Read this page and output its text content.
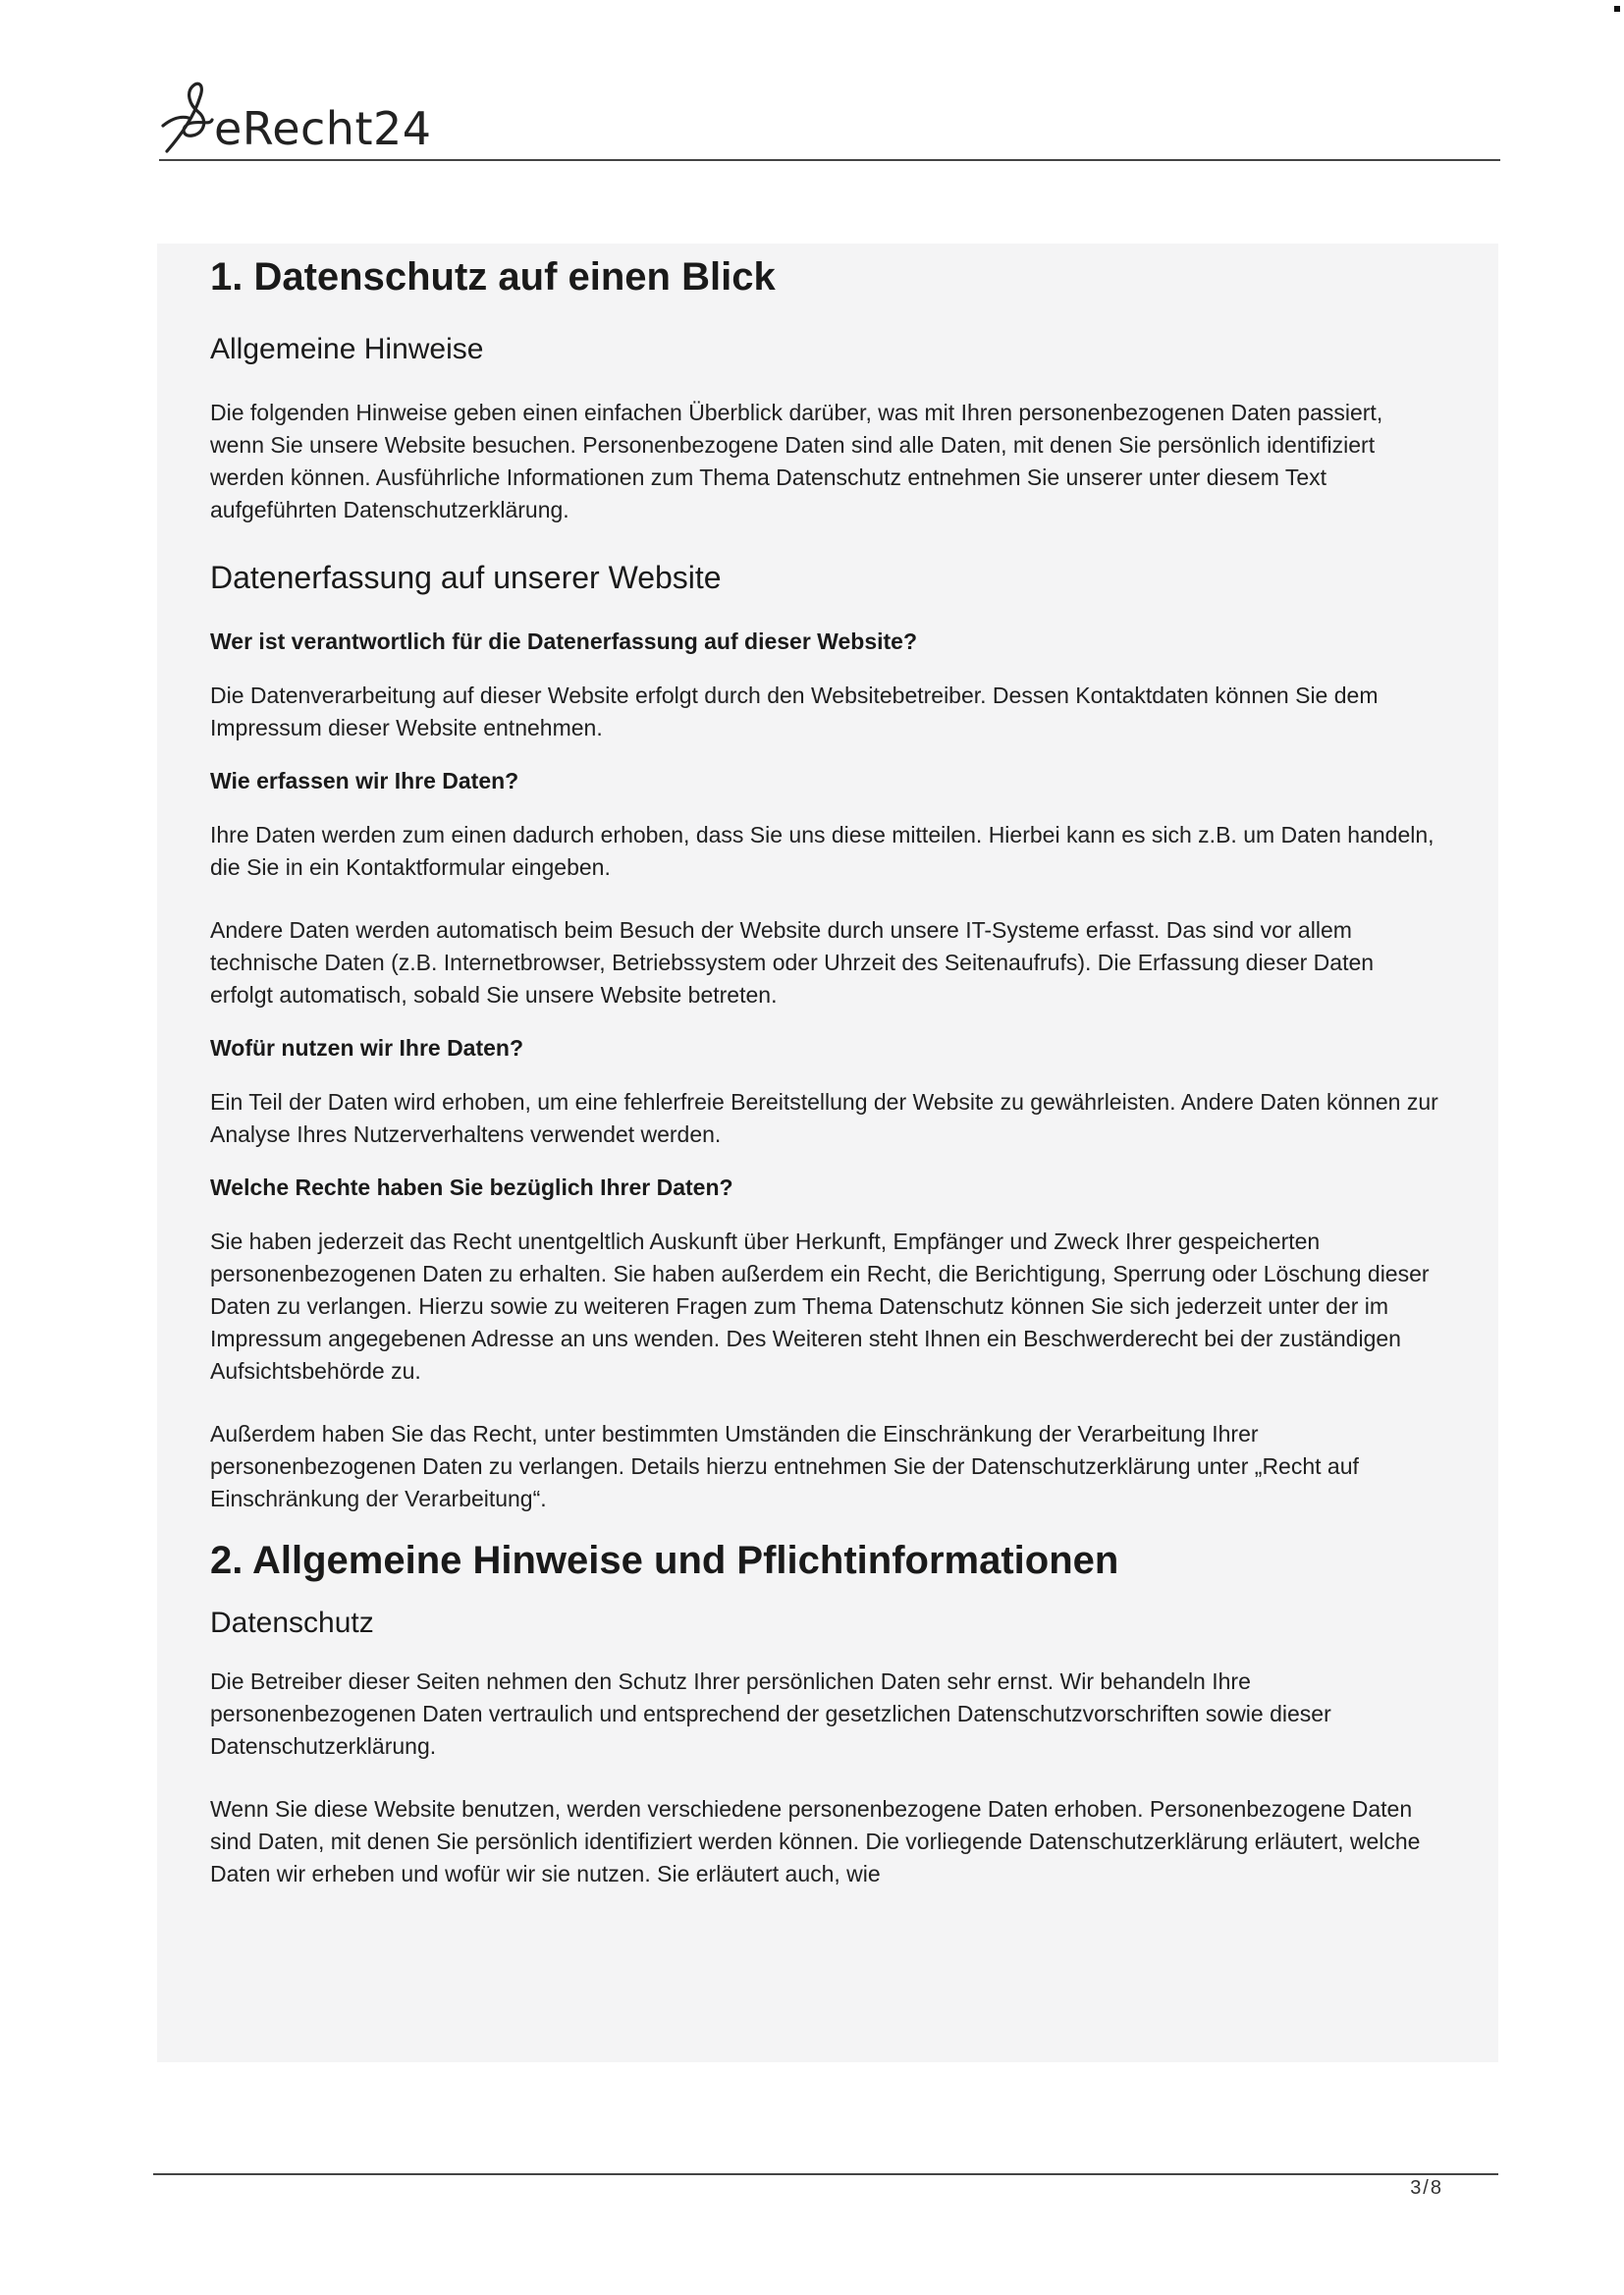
eRecht24
1. Datenschutz auf einen Blick
Allgemeine Hinweise

Die folgenden Hinweise geben einen einfachen Überblick darüber, was mit Ihren personenbezogenen Daten passiert, wenn Sie unsere Website besuchen. Personenbezogene Daten sind alle Daten, mit denen Sie persönlich identifiziert werden können. Ausführliche Informationen zum Thema Datenschutz entnehmen Sie unserer unter diesem Text aufgeführten Datenschutzerklärung.

Datenerfassung auf unserer Website
Wer ist verantwortlich für die Datenerfassung auf dieser Website?

Die Datenverarbeitung auf dieser Website erfolgt durch den Websitebetreiber. Dessen Kontaktdaten können Sie dem Impressum dieser Website entnehmen.

Wie erfassen wir Ihre Daten?

Ihre Daten werden zum einen dadurch erhoben, dass Sie uns diese mitteilen. Hierbei kann es sich z.B. um Daten handeln, die Sie in ein Kontaktformular eingeben.

Andere Daten werden automatisch beim Besuch der Website durch unsere IT-Systeme erfasst. Das sind vor allem technische Daten (z.B. Internetbrowser, Betriebssystem oder Uhrzeit des Seitenaufrufs). Die Erfassung dieser Daten erfolgt automatisch, sobald Sie unsere Website betreten.

Wofür nutzen wir Ihre Daten?

Ein Teil der Daten wird erhoben, um eine fehlerfreie Bereitstellung der Website zu gewährleisten. Andere Daten können zur Analyse Ihres Nutzerverhaltens verwendet werden.

Welche Rechte haben Sie bezüglich Ihrer Daten?

Sie haben jederzeit das Recht unentgeltlich Auskunft über Herkunft, Empfänger und Zweck Ihrer gespeicherten personenbezogenen Daten zu erhalten. Sie haben außerdem ein Recht, die Berichtigung, Sperrung oder Löschung dieser Daten zu verlangen. Hierzu sowie zu weiteren Fragen zum Thema Datenschutz können Sie sich jederzeit unter der im Impressum angegebenen Adresse an uns wenden. Des Weiteren steht Ihnen ein Beschwerderecht bei der zuständigen Aufsichtsbehörde zu.

Außerdem haben Sie das Recht, unter bestimmten Umständen die Einschränkung der Verarbeitung Ihrer personenbezogenen Daten zu verlangen. Details hierzu entnehmen Sie der Datenschutzerklärung unter „Recht auf Einschränkung der Verarbeitung“.

2. Allgemeine Hinweise und Pflichtinformationen
Datenschutz

Die Betreiber dieser Seiten nehmen den Schutz Ihrer persönlichen Daten sehr ernst. Wir behandeln Ihre personenbezogenen Daten vertraulich und entsprechend der gesetzlichen Datenschutzvorschriften sowie dieser Datenschutzerklärung.

Wenn Sie diese Website benutzen, werden verschiedene personenbezogene Daten erhoben. Personenbezogene Daten sind Daten, mit denen Sie persönlich identifiziert werden können. Die vorliegende Datenschutzerklärung erläutert, welche Daten wir erheben und wofür wir sie nutzen. Sie erläutert auch, wie

3/8
